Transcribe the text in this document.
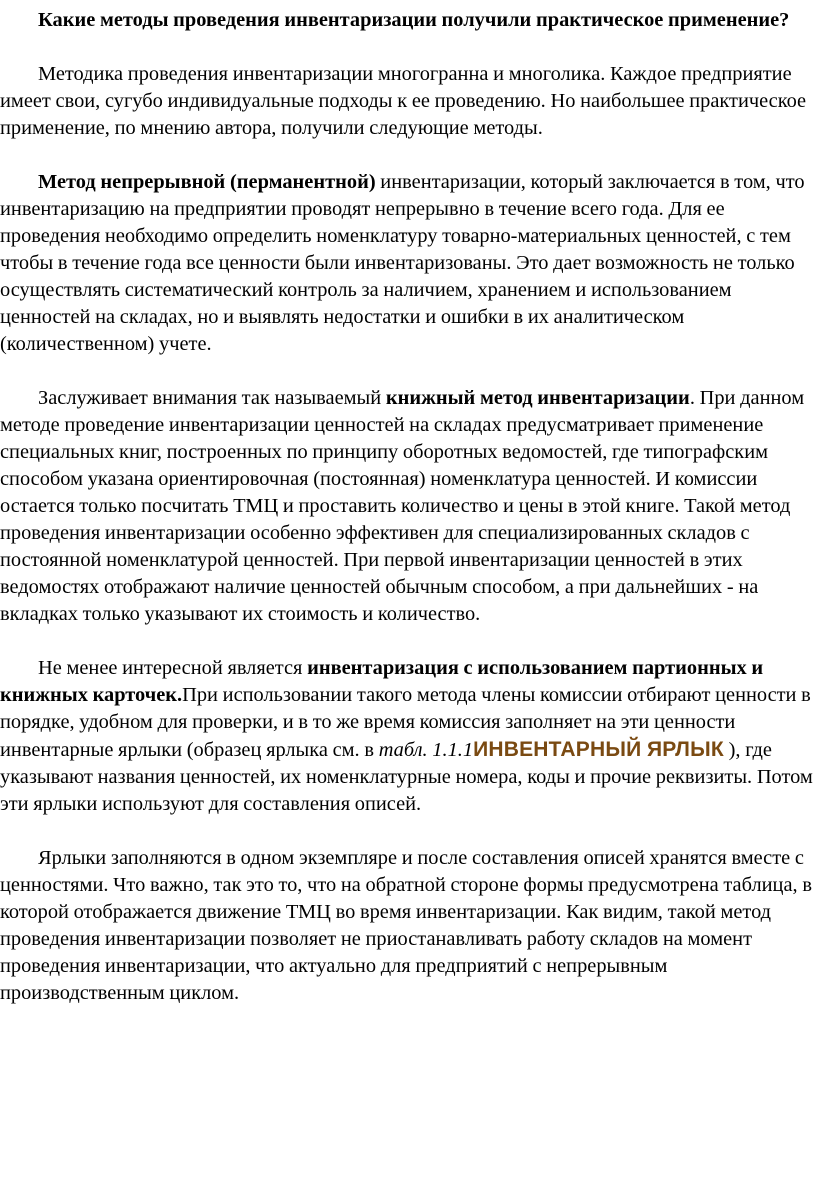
Какие методы проведения инвентаризации получили практическое применение?

Методика проведения инвентаризации многогранна и многолика. Каждое предприятие имеет свои, сугубо индивидуальные подходы к ее проведению. Но наибольшее практическое применение, по мнению автора, получили следующие методы.

Метод непрерывной (перманентной) инвентаризации, который заключается в том, что инвентаризацию на предприятии проводят непрерывно в течение всего года. Для ее проведения необходимо определить номенклатуру товарно-материальных ценностей, с тем чтобы в течение года все ценности были инвентаризованы. Это дает возможность не только осуществлять систематический контроль за наличием, хранением и использованием ценностей на складах, но и выявлять недостатки и ошибки в их аналитическом (количественном) учете.

Заслуживает внимания так называемый книжный метод инвентаризации. При данном методе проведение инвентаризации ценностей на складах предусматривает применение специальных книг, построенных по принципу оборотных ведомостей, где типографским способом указана ориентировочная (постоянная) номенклатура ценностей. И комиссии остается только посчитать ТМЦ и проставить количество и цены в этой книге. Такой метод проведения инвентаризации особенно эффективен для специализированных складов с постоянной номенклатурой ценностей. При первой инвентаризации ценностей в этих ведомостях отображают наличие ценностей обычным способом, а при дальнейших - на вкладках только указывают их стоимость и количество.

Не менее интересной является инвентаризация с использованием партионных и книжных карточек.При использовании такого метода члены комиссии отбирают ценности в порядке, удобном для проверки, и в то же время комиссия заполняет на эти ценности инвентарные ярлыки (образец ярлыка см. в табл. 1.1.1ИНВЕНТАРНЫЙ ЯРЛЫК ), где указывают названия ценностей, их номенклатурные номера, коды и прочие реквизиты. Потом эти ярлыки используют для составления описей.

Ярлыки заполняются в одном экземпляре и после составления описей хранятся вместе с ценностями. Что важно, так это то, что на обратной стороне формы предусмотрена таблица, в которой отображается движение ТМЦ во время инвентаризации. Как видим, такой метод проведения инвентаризации позволяет не приостанавливать работу складов на момент проведения инвентаризации, что актуально для предприятий с непрерывным производственным циклом.
